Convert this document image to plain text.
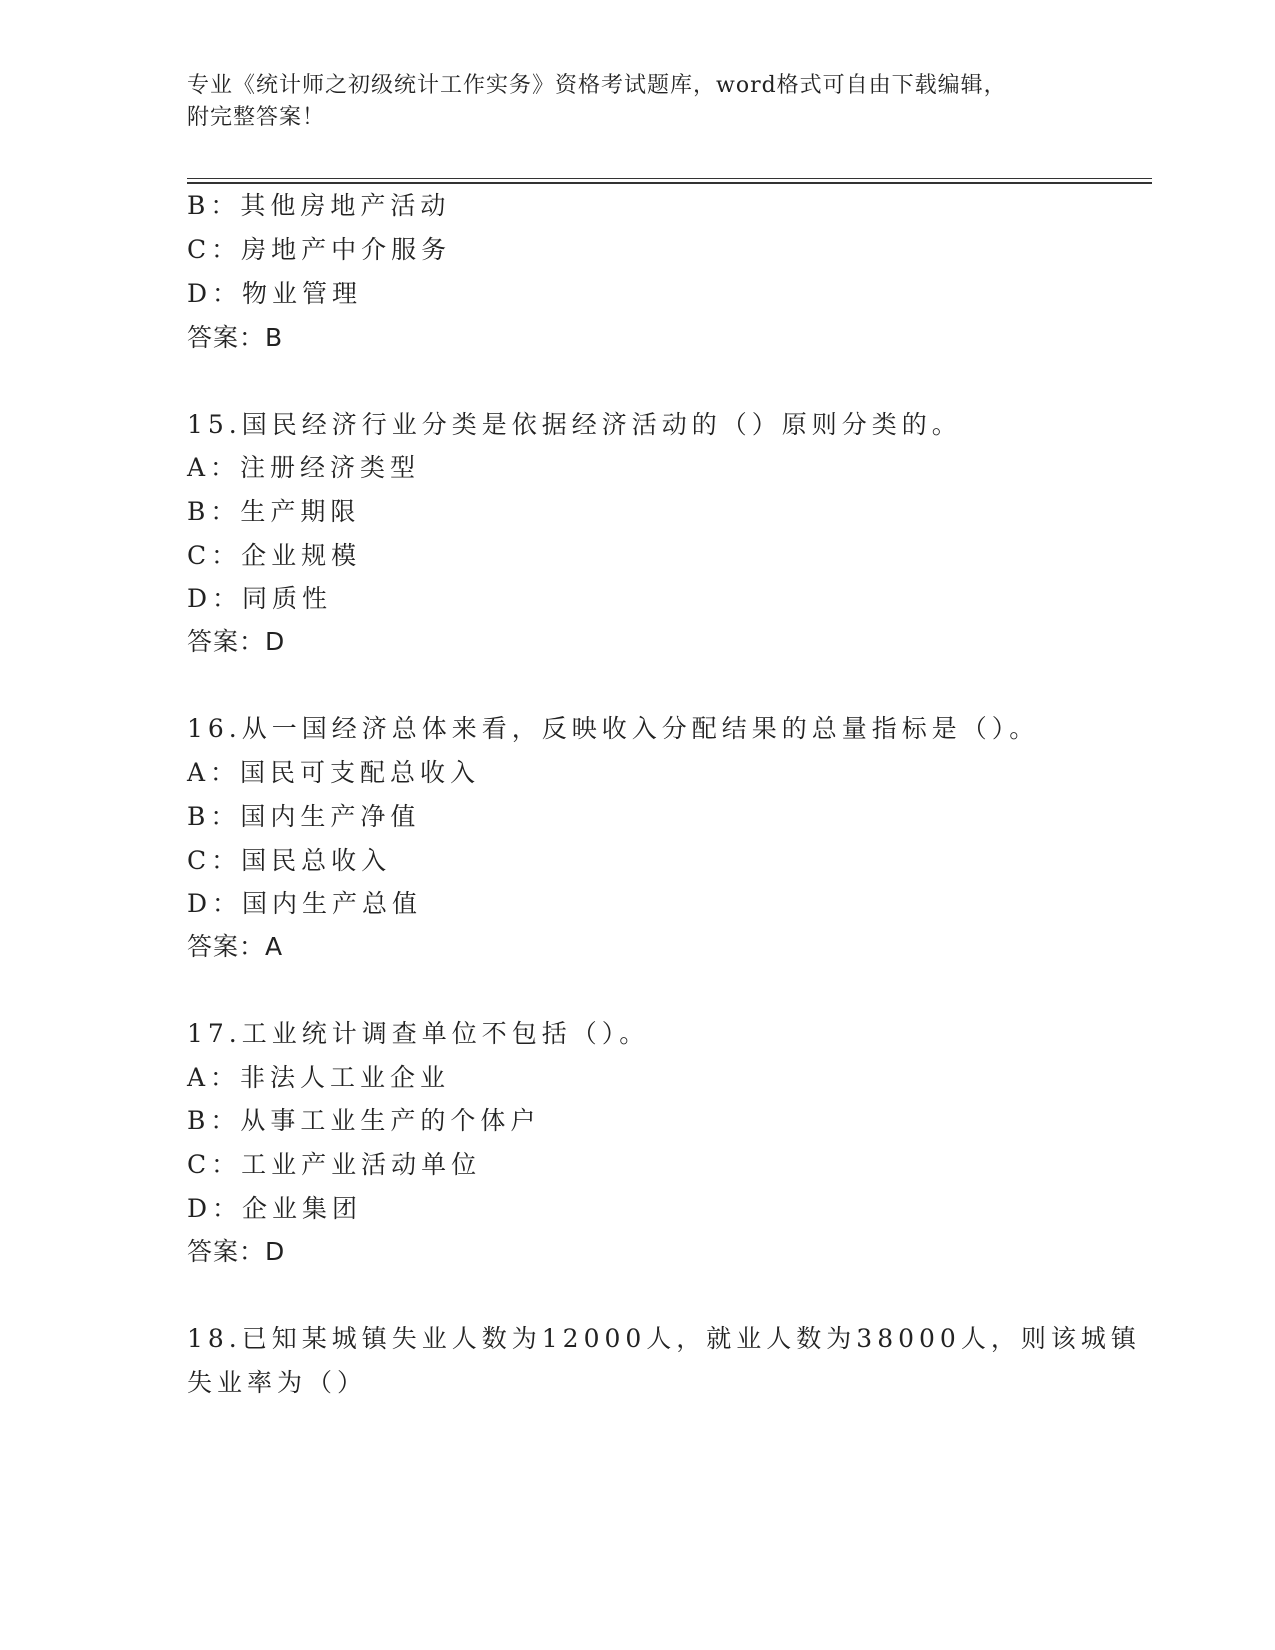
专业《统计师之初级统计工作实务》资格考试题库，word格式可自由下载编辑，
附完整答案！
B：其他房地产活动
C：房地产中介服务
D：物业管理
答案：B
15.国民经济行业分类是依据经济活动的（）原则分类的。
A：注册经济类型
B：生产期限
C：企业规模
D：同质性
答案：D
16.从一国经济总体来看，反映收入分配结果的总量指标是（）。
A：国民可支配总收入
B：国内生产净值
C：国民总收入
D：国内生产总值
答案：A
17.工业统计调查单位不包括（）。
A：非法人工业企业
B：从事工业生产的个体户
C：工业产业活动单位
D：企业集团
答案：D
18.已知某城镇失业人数为12000人，就业人数为38000人，则该城镇
失业率为（）
